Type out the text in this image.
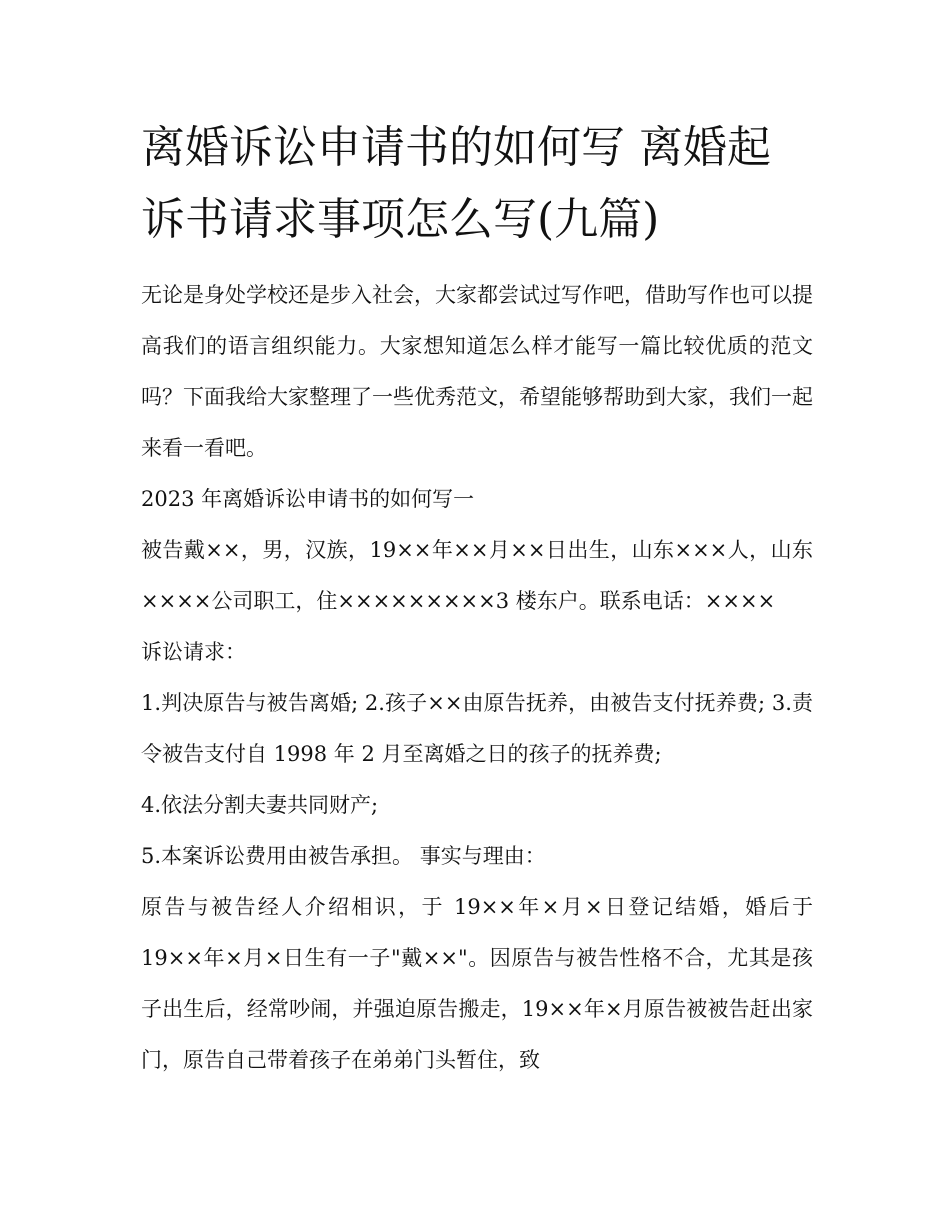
离婚诉讼申请书的如何写 离婚起诉书请求事项怎么写(九篇)

无论是身处学校还是步入社会，大家都尝试过写作吧，借助写作也可以提高我们的语言组织能力。大家想知道怎么样才能写一篇比较优质的范文吗？下面我给大家整理了一些优秀范文，希望能够帮助到大家，我们一起来看一看吧。

2023 年离婚诉讼申请书的如何写一

被告戴××，男，汉族，19××年××月××日出生，山东×××人，山东××××公司职工，住×××××××××3 楼东户。联系电话：××××

诉讼请求：

1.判决原告与被告离婚; 2.孩子××由原告抚养，由被告支付抚养费; 3.责令被告支付自 1998 年 2 月至离婚之日的孩子的抚养费;

4.依法分割夫妻共同财产;

5.本案诉讼费用由被告承担。 事实与理由：

原告与被告经人介绍相识，于 19××年×月×日登记结婚，婚后于 19××年×月×日生有一子"戴××"。因原告与被告性格不合，尤其是孩子出生后，经常吵闹，并强迫原告搬走，19××年×月原告被被告赶出家门，原告自己带着孩子在弟弟门头暂住，致
